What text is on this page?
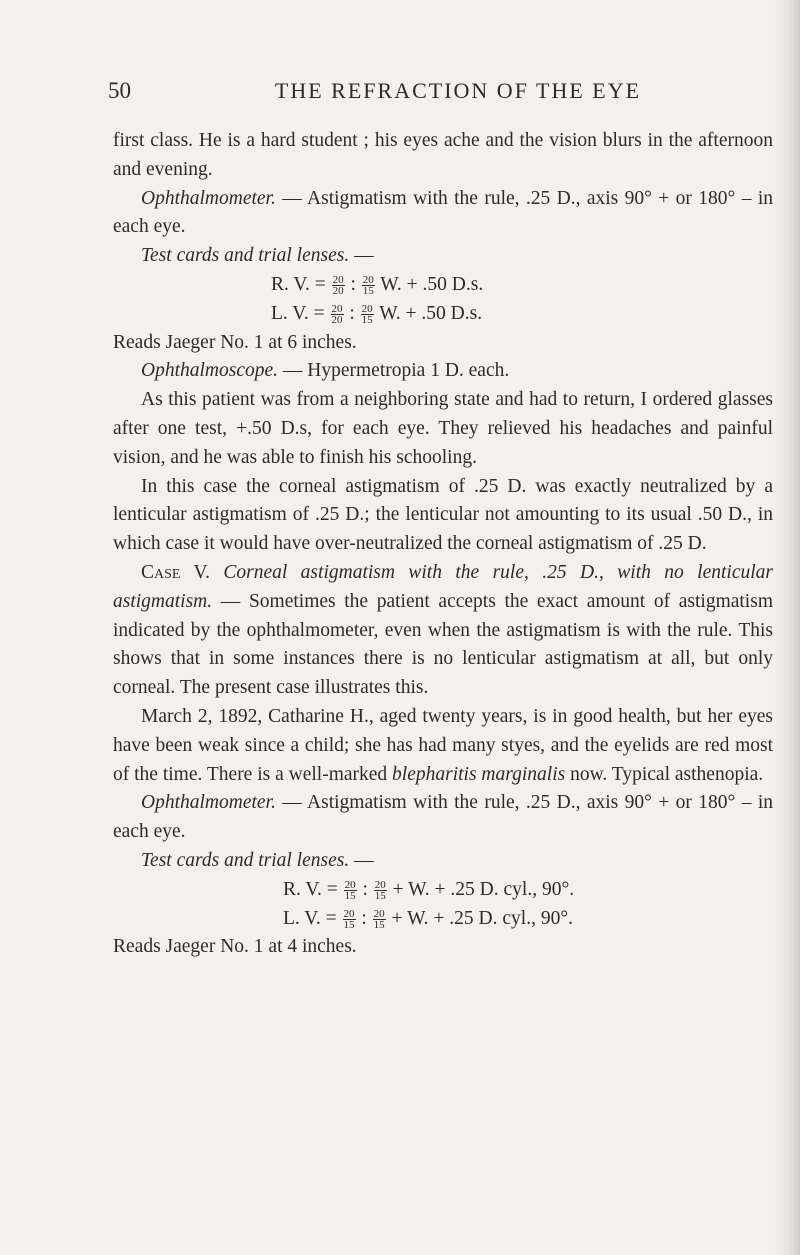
50	THE REFRACTION OF THE EYE

first class. He is a hard student ; his eyes ache and the vision blurs in the afternoon and evening.

Ophthalmometer. — Astigmatism with the rule, .25 D., axis 90° + or 180° – in each eye.

Test cards and trial lenses. —

R. V. = $\frac{20}{20}$ : $\frac{20}{15} W$. + .50 D.s.

L. V. = $\frac{20}{20}$ : $\frac{20}{15} W$. + .50 D.s.

Reads Jaeger No. 1 at 6 inches.

Ophthalmoscope. — Hypermetropia 1 D. each.

As this patient was from a neighboring state and had to return, I ordered glasses after one test, +.50 D.s, for each eye. They relieved his headaches and painful vision, and he was able to finish his schooling.

In this case the corneal astigmatism of .25 D. was exactly neutralized by a lenticular astigmatism of .25 D.; the lenticular not amounting to its usual .50 D., in which case it would have over-neutralized the corneal astigmatism of .25 D.

Case V. Corneal astigmatism with the rule, .25 D., with no lenticular astigmatism. — Sometimes the patient accepts the exact amount of astigmatism indicated by the ophthalmometer, even when the astigmatism is with the rule. This shows that in some instances there is no lenticular astigmatism at all, but only corneal. The present case illustrates this.

March 2, 1892, Catharine H., aged twenty years, is in good health, but her eyes have been weak since a child; she has had many styes, and the eyelids are red most of the time. There is a well-marked blepharitis marginalis now. Typical asthenopia.

Ophthalmometer. — Astigmatism with the rule, .25 D., axis 90° + or 180° – in each eye.

Test cards and trial lenses. —

R. V. = $\frac{20}{15}$ : $\frac{20}{15} + W$. + .25 D. cyl., 90°.

L. V. = $\frac{20}{15}$ : $\frac{20}{15} + W$. + .25 D. cyl., 90°.

Reads Jaeger No. 1 at 4 inches.
